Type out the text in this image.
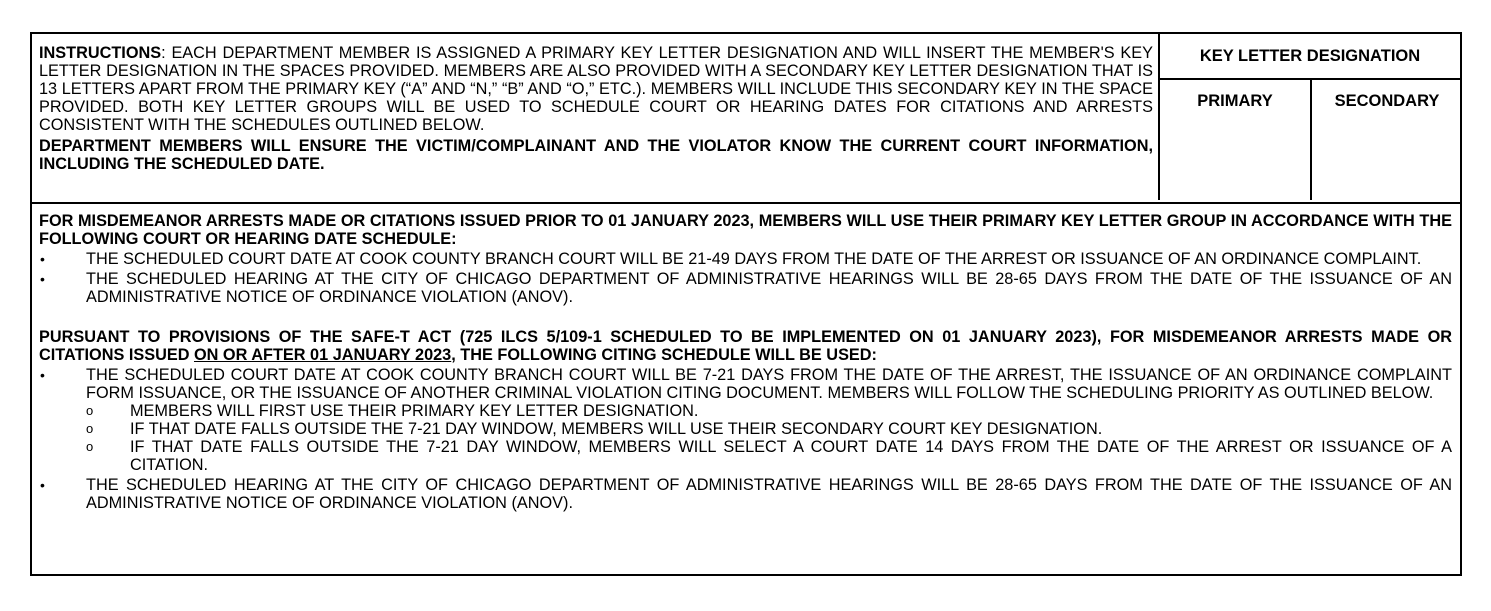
INSTRUCTIONS: EACH DEPARTMENT MEMBER IS ASSIGNED A PRIMARY KEY LETTER DESIGNATION AND WILL INSERT THE MEMBER'S KEY LETTER DESIGNATION IN THE SPACES PROVIDED. MEMBERS ARE ALSO PROVIDED WITH A SECONDARY KEY LETTER DESIGNATION THAT IS 13 LETTERS APART FROM THE PRIMARY KEY (“A” AND “N,” “B” AND “O,” ETC.). MEMBERS WILL INCLUDE THIS SECONDARY KEY IN THE SPACE PROVIDED. BOTH KEY LETTER GROUPS WILL BE USED TO SCHEDULE COURT OR HEARING DATES FOR CITATIONS AND ARRESTS CONSISTENT WITH THE SCHEDULES OUTLINED BELOW.

DEPARTMENT MEMBERS WILL ENSURE THE VICTIM/COMPLAINANT AND THE VIOLATOR KNOW THE CURRENT COURT INFORMATION, INCLUDING THE SCHEDULED DATE.

KEY LETTER DESIGNATION
PRIMARY	SECONDARY

FOR MISDEMEANOR ARRESTS MADE OR CITATIONS ISSUED PRIOR TO 01 JANUARY 2023, MEMBERS WILL USE THEIR PRIMARY KEY LETTER GROUP IN ACCORDANCE WITH THE FOLLOWING COURT OR HEARING DATE SCHEDULE:

•	THE SCHEDULED COURT DATE AT COOK COUNTY BRANCH COURT WILL BE 21-49 DAYS FROM THE DATE OF THE ARREST OR ISSUANCE OF AN ORDINANCE COMPLAINT.
•	THE SCHEDULED HEARING AT THE CITY OF CHICAGO DEPARTMENT OF ADMINISTRATIVE HEARINGS WILL BE 28-65 DAYS FROM THE DATE OF THE ISSUANCE OF AN ADMINISTRATIVE NOTICE OF ORDINANCE VIOLATION (ANOV).

PURSUANT TO PROVISIONS OF THE SAFE-T ACT (725 ILCS 5/109-1 SCHEDULED TO BE IMPLEMENTED ON 01 JANUARY 2023), FOR MISDEMEANOR ARRESTS MADE OR CITATIONS ISSUED ON OR AFTER 01 JANUARY 2023, THE FOLLOWING CITING SCHEDULE WILL BE USED:

•	THE SCHEDULED COURT DATE AT COOK COUNTY BRANCH COURT WILL BE 7-21 DAYS FROM THE DATE OF THE ARREST, THE ISSUANCE OF AN ORDINANCE COMPLAINT FORM ISSUANCE, OR THE ISSUANCE OF ANOTHER CRIMINAL VIOLATION CITING DOCUMENT. MEMBERS WILL FOLLOW THE SCHEDULING PRIORITY AS OUTLINED BELOW.
o MEMBERS WILL FIRST USE THEIR PRIMARY KEY LETTER DESIGNATION.
o IF THAT DATE FALLS OUTSIDE THE 7-21 DAY WINDOW, MEMBERS WILL USE THEIR SECONDARY COURT KEY DESIGNATION.
o IF THAT DATE FALLS OUTSIDE THE 7-21 DAY WINDOW, MEMBERS WILL SELECT A COURT DATE 14 DAYS FROM THE DATE OF THE ARREST OR ISSUANCE OF A CITATION.
•	THE SCHEDULED HEARING AT THE CITY OF CHICAGO DEPARTMENT OF ADMINISTRATIVE HEARINGS WILL BE 28-65 DAYS FROM THE DATE OF THE ISSUANCE OF AN ADMINISTRATIVE NOTICE OF ORDINANCE VIOLATION (ANOV).
